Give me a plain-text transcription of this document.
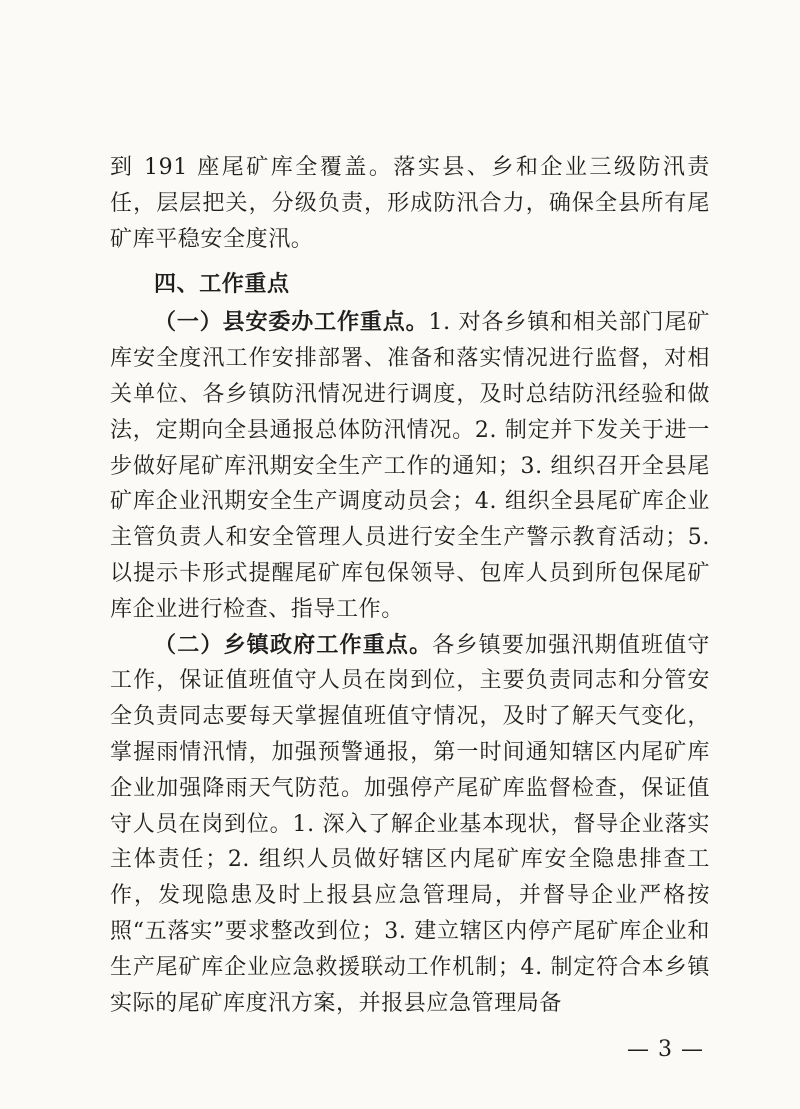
到 191 座尾矿库全覆盖。落实县、乡和企业三级防汛责任，层层把关，分级负责，形成防汛合力，确保全县所有尾矿库平稳安全度汛。

四、工作重点

（一）县安委办工作重点。1. 对各乡镇和相关部门尾矿库安全度汛工作安排部署、准备和落实情况进行监督，对相关单位、各乡镇防汛情况进行调度，及时总结防汛经验和做法，定期向全县通报总体防汛情况。2. 制定并下发关于进一步做好尾矿库汛期安全生产工作的通知；3. 组织召开全县尾矿库企业汛期安全生产调度动员会；4. 组织全县尾矿库企业主管负责人和安全管理人员进行安全生产警示教育活动；5. 以提示卡形式提醒尾矿库包保领导、包库人员到所包保尾矿库企业进行检查、指导工作。

（二）乡镇政府工作重点。各乡镇要加强汛期值班值守工作，保证值班值守人员在岗到位，主要负责同志和分管安全负责同志要每天掌握值班值守情况，及时了解天气变化，掌握雨情汛情，加强预警通报，第一时间通知辖区内尾矿库企业加强降雨天气防范。加强停产尾矿库监督检查，保证值守人员在岗到位。1. 深入了解企业基本现状，督导企业落实主体责任；2. 组织人员做好辖区内尾矿库安全隐患排查工作，发现隐患及时上报县应急管理局，并督导企业严格按照“五落实”要求整改到位；3. 建立辖区内停产尾矿库企业和生产尾矿库企业应急救援联动工作机制；4. 制定符合本乡镇实际的尾矿库度汛方案，并报县应急管理局备

— 3 —
